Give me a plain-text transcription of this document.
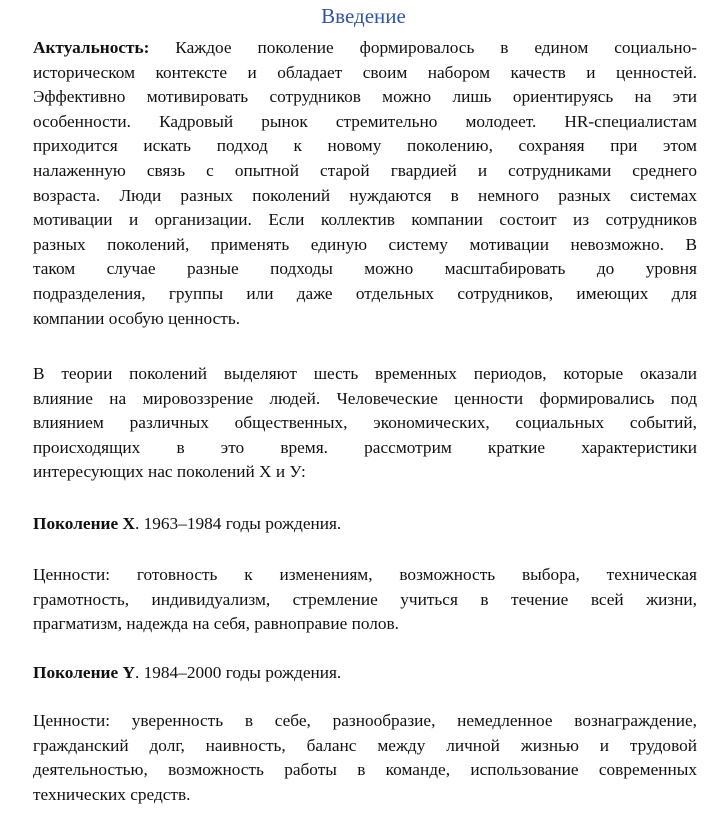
Введение
Актуальность: Каждое поколение формировалось в едином социально-
историческом контексте и обладает своим набором качеств и ценностей.
Эффективно мотивировать сотрудников можно лишь ориентируясь на эти
особенности. Кадровый рынок стремительно молодеет. HR-специалистам
приходится искать подход к новому поколению, сохраняя при этом
налаженную связь с опытной старой гвардией и сотрудниками среднего
возраста. Люди разных поколений нуждаются в немного разных системах
мотивации и организации. Если коллектив компании состоит из сотрудников
разных поколений, применять единую систему мотивации невозможно. В
таком случае разные подходы можно масштабировать до уровня
подразделения, группы или даже отдельных сотрудников, имеющих для
компании особую ценность.
В теории поколений выделяют шесть временных периодов, которые оказали
влияние на мировоззрение людей. Человеческие ценности формировались под
влиянием различных общественных, экономических, социальных событий,
происходящих в это время. рассмотрим краткие характеристики
интересующих нас поколений X и У:
Поколение X. 1963–1984 годы рождения.
Ценности: готовность к изменениям, возможность выбора, техническая
грамотность, индивидуализм, стремление учиться в течение всей жизни,
прагматизм, надежда на себя, равноправие полов.
Поколение Y. 1984–2000 годы рождения.
Ценности: уверенность в себе, разнообразие, немедленное вознаграждение,
гражданский долг, наивность, баланс между личной жизнью и трудовой
деятельностью, возможность работы в команде, использование современных
технических средств.
